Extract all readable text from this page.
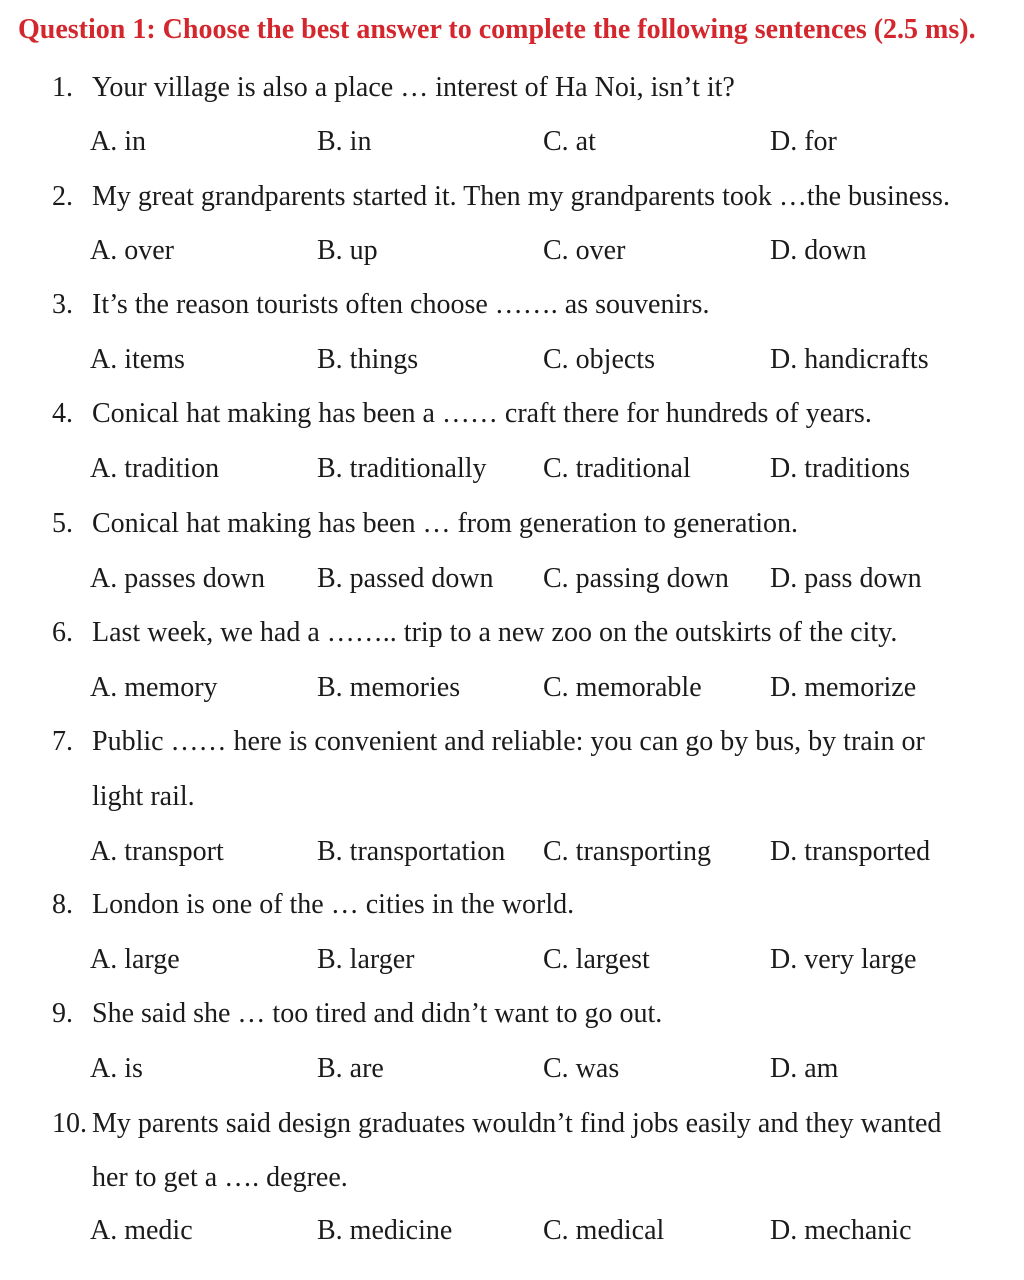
Question 1: Choose the best answer to complete the following sentences (2.5 ms).
1. Your village is also a place … interest of Ha Noi, isn’t it?
A. in	B. in	C. at	D. for
2. My great grandparents started it. Then my grandparents took …the business.
A. over	B. up	C. over	D. down
3. It’s the reason tourists often choose ……. as souvenirs.
A. items	B. things	C. objects	D. handicrafts
4. Conical hat making has been a …… craft there for hundreds of years.
A. tradition	B. traditionally C. traditional	D. traditions
5. Conical hat making has been … from generation to generation.
A. passes down B. passed down C. passing down D. pass down
6. Last week, we had a …….. trip to a new zoo on the outskirts of the city.
A. memory	B. memories	C. memorable D. memorize
7. Public …… here is convenient and reliable: you can go by bus, by train or
light rail.
A. transport	B. transportation C. transporting D. transported
8. London is one of the … cities in the world.
A. large	B. larger	C. largest	D. very large
9. She said she … too tired and didn’t want to go out.
A. is	B. are	C. was	D. am
10. My parents said design graduates wouldn’t find jobs easily and they wanted
her to get a …. degree.
A. medic	B. medicine	C. medical	D. mechanic
